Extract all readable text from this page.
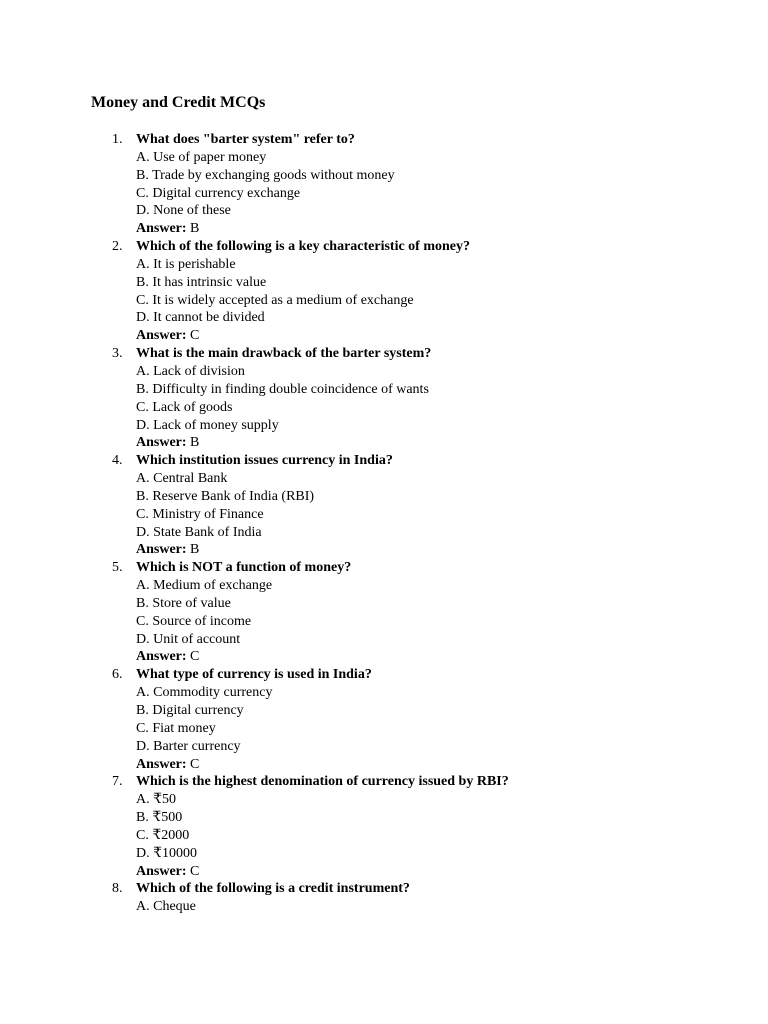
Money and Credit MCQs
1. What does "barter system" refer to?
A. Use of paper money
B. Trade by exchanging goods without money
C. Digital currency exchange
D. None of these
Answer: B
2. Which of the following is a key characteristic of money?
A. It is perishable
B. It has intrinsic value
C. It is widely accepted as a medium of exchange
D. It cannot be divided
Answer: C
3. What is the main drawback of the barter system?
A. Lack of division
B. Difficulty in finding double coincidence of wants
C. Lack of goods
D. Lack of money supply
Answer: B
4. Which institution issues currency in India?
A. Central Bank
B. Reserve Bank of India (RBI)
C. Ministry of Finance
D. State Bank of India
Answer: B
5. Which is NOT a function of money?
A. Medium of exchange
B. Store of value
C. Source of income
D. Unit of account
Answer: C
6. What type of currency is used in India?
A. Commodity currency
B. Digital currency
C. Fiat money
D. Barter currency
Answer: C
7. Which is the highest denomination of currency issued by RBI?
A. ₹50
B. ₹500
C. ₹2000
D. ₹10000
Answer: C
8. Which of the following is a credit instrument?
A. Cheque
